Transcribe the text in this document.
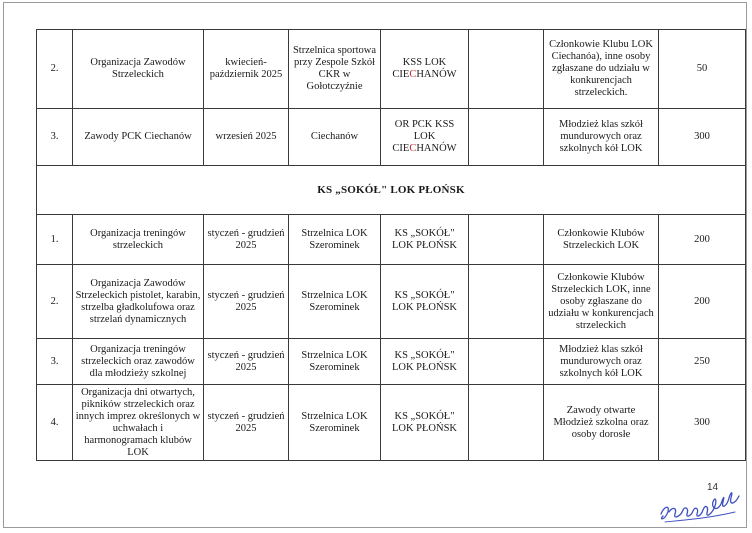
2.	Organizacja Zawodów Strzeleckich	kwiecień-październik 2025	Strzelnica sportowa przy Zespole Szkół CKR w Gołotczyźnie	KSS LOK CIECHANÓW		Członkowie Klubu LOK Ciechanóa), inne osoby zgłaszane do udziału w konkurencjach strzeleckich.	50
3.	Zawody PCK Ciechanów	wrzesień 2025	Ciechanów	OR PCK KSS LOK CIECHANÓW		Młodzież klas szkół mundurowych oraz szkolnych kół LOK	300
KS „SOKÓŁ" LOK PŁOŃSK							
1.	Organizacja treningów strzeleckich	styczeń - grudzień 2025	Strzelnica LOK Szerominek	KS „SOKÓŁ" LOK PŁOŃSK		Członkowie Klubów Strzeleckich LOK	200
2.	Organizacja Zawodów Strzeleckich pistolet, karabin, strzelba gładkolufowa oraz strzelań dynamicznych	styczeń - grudzień 2025	Strzelnica LOK Szerominek	KS „SOKÓŁ" LOK PŁOŃSK		Członkowie Klubów Strzeleckich LOK, inne osoby zgłaszane do udziału w konkurencjach strzeleckich	200
3.	Organizacja treningów strzeleckich oraz zawodów dla młodzieży szkolnej	styczeń - grudzień 2025	Strzelnica LOK Szerominek	KS „SOKÓŁ" LOK PŁOŃSK		Młodzież klas szkół mundurowych oraz szkolnych kół LOK	250
4.	Organizacja dni otwartych, pikników strzeleckich oraz innych imprez określonych w uchwałach i harmonogramach klubów LOK	styczeń - grudzień 2025	Strzelnica LOK Szerominek	KS „SOKÓŁ" LOK PŁOŃSK		Zawody otwarte Młodzież szkolna oraz osoby dorosłe	300
14
